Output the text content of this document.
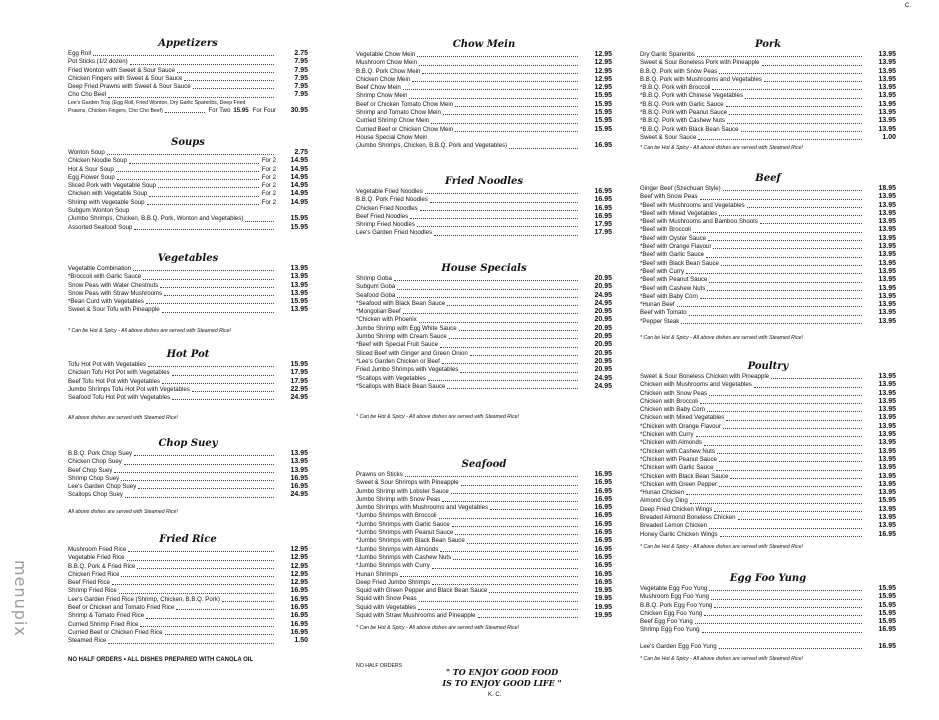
Appetizers
Egg Roll	2.75
Pot Sticks (1/2 dozen)	7.95
Fried Wonton with Sweet & Sour Sauce	7.95
Chicken Fingers with Sweet & Sour Sauce	7.95
Deep Fried Prawns with Sweet & Sour Sauce	7.95
Cho Cho Beef	7.95
Lee's Garden Tray (Egg Roll, Fried Wonton, Dry Garlic Spareribs, Deep Fried
Prawns, Chicken Fingers, Cho Cho Beef)	For Two 15.95 For Four	30.95
Soups
Wonton Soup	2.75
Chicken Noodle Soup	For 2	14.95
Hot & Sour Soup	For 2	14.95
Egg Flower Soup	For 2	14.95
Sliced Pork with Vegetable Soup	For 2	14.95
Chicken with Vegetable Soup	For 2	14.95
Shrimp with Vegetable Soup	For 2	14.95
Subgum Wonton Soup
(Jumbo Shrimps, Chicken, B.B.Q. Pork, Wonton and Vegetables)	15.95
Assorted Seafood Soup	15.95
Vegetables
Vegetable Combination	13.95
*Broccoli with Garlic Sauce	13.95
Snow Peas with Water Chestnuts	13.95
Snow Peas with Straw Mushrooms	13.95
*Bean Curd with Vegetables	15.95
Sweet & Sour Tofu with Pineapple	13.95
* Can be Hot & Spicy - All above dishes are served with Steamed Rice!
Hot Pot
Tofu Hot Pot with Vegetables	15.95
Chicken Tofu Hot Pot with Vegetables	17.95
Beef Tofu Hot Pot with Vegetables	17.95
Jumbo Shrimps Tofu Hot Pot with Vegetables	22.95
Seafood Tofu Hot Pot with Vegetables	24.95
All above dishes are served with Steamed Rice!
Chop Suey
B.B.Q. Pork Chop Suey	13.95
Chicken Chop Suey	13.95
Beef Chop Suey	13.95
Shrimp Chop Suey	16.95
Lee's Garden Chop Suey	16.95
Scallops Chop Suey	24.95
All above dishes are served with Steamed Rice!
Fried Rice
Mushroom Fried Rice	12.95
Vegetable Fried Rice	12.95
B.B.Q. Pork & Fried Rice	12.95
Chicken Fried Rice	12.95
Beef Fried Rice	12.95
Shrimp Fried Rice	16.95
Lee's Garden Fried Rice (Shrimp, Chicken, B.B.Q. Pork)	16.95
Beef or Chicken and Tomato Fried Rice	16.95
Shrimp & Tomato Fried Rice	16.95
Curried Shrimp Fried Rice	16.95
Curried Beef or Chicken Fried Rice	16.95
Steamed Rice	1.50
Chow Mein
Vegetable Chow Mein	12.95
Mushroom Chow Mein	12.95
B.B.Q. Pork Chow Mein	12.95
Chicken Chow Mein	12.95
Beef Chow Mein	12.95
Shrimp Chow Mein	15.95
Beef or Chicken Tomato Chow Mein	15.95
Shrimp and Tomato Chow Mein	15.95
Curried Shrimp Chow Mein	15.95
Curried Beef or Chicken Chow Mein	15.95
House Special Chow Mein
(Jumbo Shrimps, Chicken, B.B.Q. Pork and Vegetables)	16.95
Fried Noodles
Vegetable Fried Noodles	16.95
B.B.Q. Pork Fried Noodles	16.95
Chicken Fried Noodles	16.95
Beef Fried Noodles	16.95
Shrimp Fried Noodles	17.95
Lee's Garden Fried Noodles	17.95
House Specials
Shrimp Goba	20.95
Subgum Goba	20.95
Seafood Goba	24.95
*Seafood with Black Bean Sauce	24.95
*Mongolian Beef	20.95
*Chicken with Phoenix	20.95
Jumbo Shrimp with Egg White Sauce	20.95
Jumbo Shrimp with Cream Sauce	20.95
*Beef with Special Fruit Sauce	20.95
Sliced Beef with Ginger and Green Onion	20.95
*Lee's Garden Chicken or Beef	20.95
Fried Jumbo Shrimps with Vegetables	20.95
*Scallops with Vegetables	24.95
*Scallops with Black Bean Sauce	24.95
* Can be Hot & Spicy - All above dishes are served with Steamed Rice!
Seafood
Prawns on Sticks	16.95
Sweet & Sour Shrimps with Pineapple	16.95
Jumbo Shrimp with Lobster Sauce	16.95
Jumbo Shrimp with Snow Peas	16.95
Jumbo Shrimps with Mushrooms and Vegetables	16.95
*Jumbo Shrimps with Broccoli	16.95
*Jumbo Shrimps with Garlic Sauce	16.95
*Jumbo Shrimps with Peanut Sauce	16.95
*Jumbo Shrimps with Black Bean Sauce	16.95
*Jumbo Shrimps with Almonds	16.95
*Jumbo Shrimps with Cashew Nuts	16.95
*Jumbo Shrimps with Curry	16.95
Hunan Shrimps	16.95
Deep Fried Jumbo Shrimps	16.95
Squid with Green Pepper and Black Bean Sauce	19.95
Squid with Snow Peas	19.95
Squid with Vegetables	19.95
Squid with Straw Mushrooms and Pineapple	19.95
* Can be Hot & Spicy - All above dishes are served with Steamed Rice!
Pork
Dry Garlic Spareribs	13.95
Sweet & Sour Boneless Pork with Pineapple	13.95
B.B.Q. Pork with Snow Peas	13.95
B.B.Q. Pork with Mushrooms and Vegetables	13.95
*B.B.Q. Pork with Broccoli	13.95
*B.B.Q. Pork with Chinese Vegetables	13.95
*B.B.Q. Pork with Garlic Sauce	13.95
*B.B.Q. Pork with Peanut Sauce	13.95
*B.B.Q. Pork with Cashew Nuts	13.95
*B.B.Q. Pork with Black Bean Sauce	13.95
Sweet & Sour Sauce	1.00
* Can be Hot & Spicy - All above dishes are served with Steamed Rice!
Beef
Ginger Beef (Szechuan Style)	18.95
Beef with Snow Peas	13.95
*Beef with Mushrooms and Vegetables	13.95
*Beef with Mixed Vegetables	13.95
*Beef with Mushrooms and Bamboo Shoots	13.95
*Beef with Broccoli	13.95
*Beef with Oyster Sauce	13.95
*Beef with Orange Flavour	13.95
*Beef with Garlic Sauce	13.95
*Beef with Black Bean Sauce	13.95
*Beef with Curry	13.95
*Beef with Peanut Sauce	13.95
*Beef with Cashew Nuts	13.95
*Beef with Baby Corn	13.95
*Hunan Beef	13.95
Beef with Tomato	13.95
*Pepper Steak	13.95
* Can be Hot & Spicy - All above dishes are served with Steamed Rice!
Poultry
Sweet & Sour Boneless Chicken with Pineapple	13.95
Chicken with Mushrooms and Vegetables	13.95
Chicken with Snow Peas	13.95
Chicken with Broccoli	13.95
Chicken with Baby Corn	13.95
Chicken with Mixed Vegetables	13.95
*Chicken with Orange Flavour	13.95
*Chicken with Curry	13.95
*Chicken with Almonds	13.95
*Chicken with Cashew Nuts	13.95
*Chicken with Peanut Sauce	13.95
*Chicken with Garlic Sauce	13.95
*Chicken with Black Bean Sauce	13.95
*Chicken with Green Pepper	13.95
*Hunan Chicken	13.95
Almond Guy Ding	15.95
Deep Fried Chicken Wings	13.95
Breaded Almond Boneless Chicken	13.95
Breaded Lemon Chicken	13.95
Honey Garlic Chicken Wings	16.95
* Can be Hot & Spicy - All above dishes are served with Steamed Rice!
Egg Foo Yung
Vegetable Egg Foo Yung	15.95
Mushroom Egg Foo Yung	15.95
B.B.Q. Pork Egg Foo Yung	15.95
Chicken Egg Foo Yung	15.95
Beef Egg Foo Yung	15.95
Shrimp Egg Foo Yung	16.95
Lee's Garden Egg Foo Yung	16.95
* Can be Hot & Spicy - All above dishes are served with Steamed Rice!
NO HALF ORDERS • ALL DISHES PREPARED WITH CANOLA OIL
NO HALF ORDERS
" TO ENJOY GOOD FOOD
IS TO ENJOY GOOD LIFE "
K. C.
C.
menupix
